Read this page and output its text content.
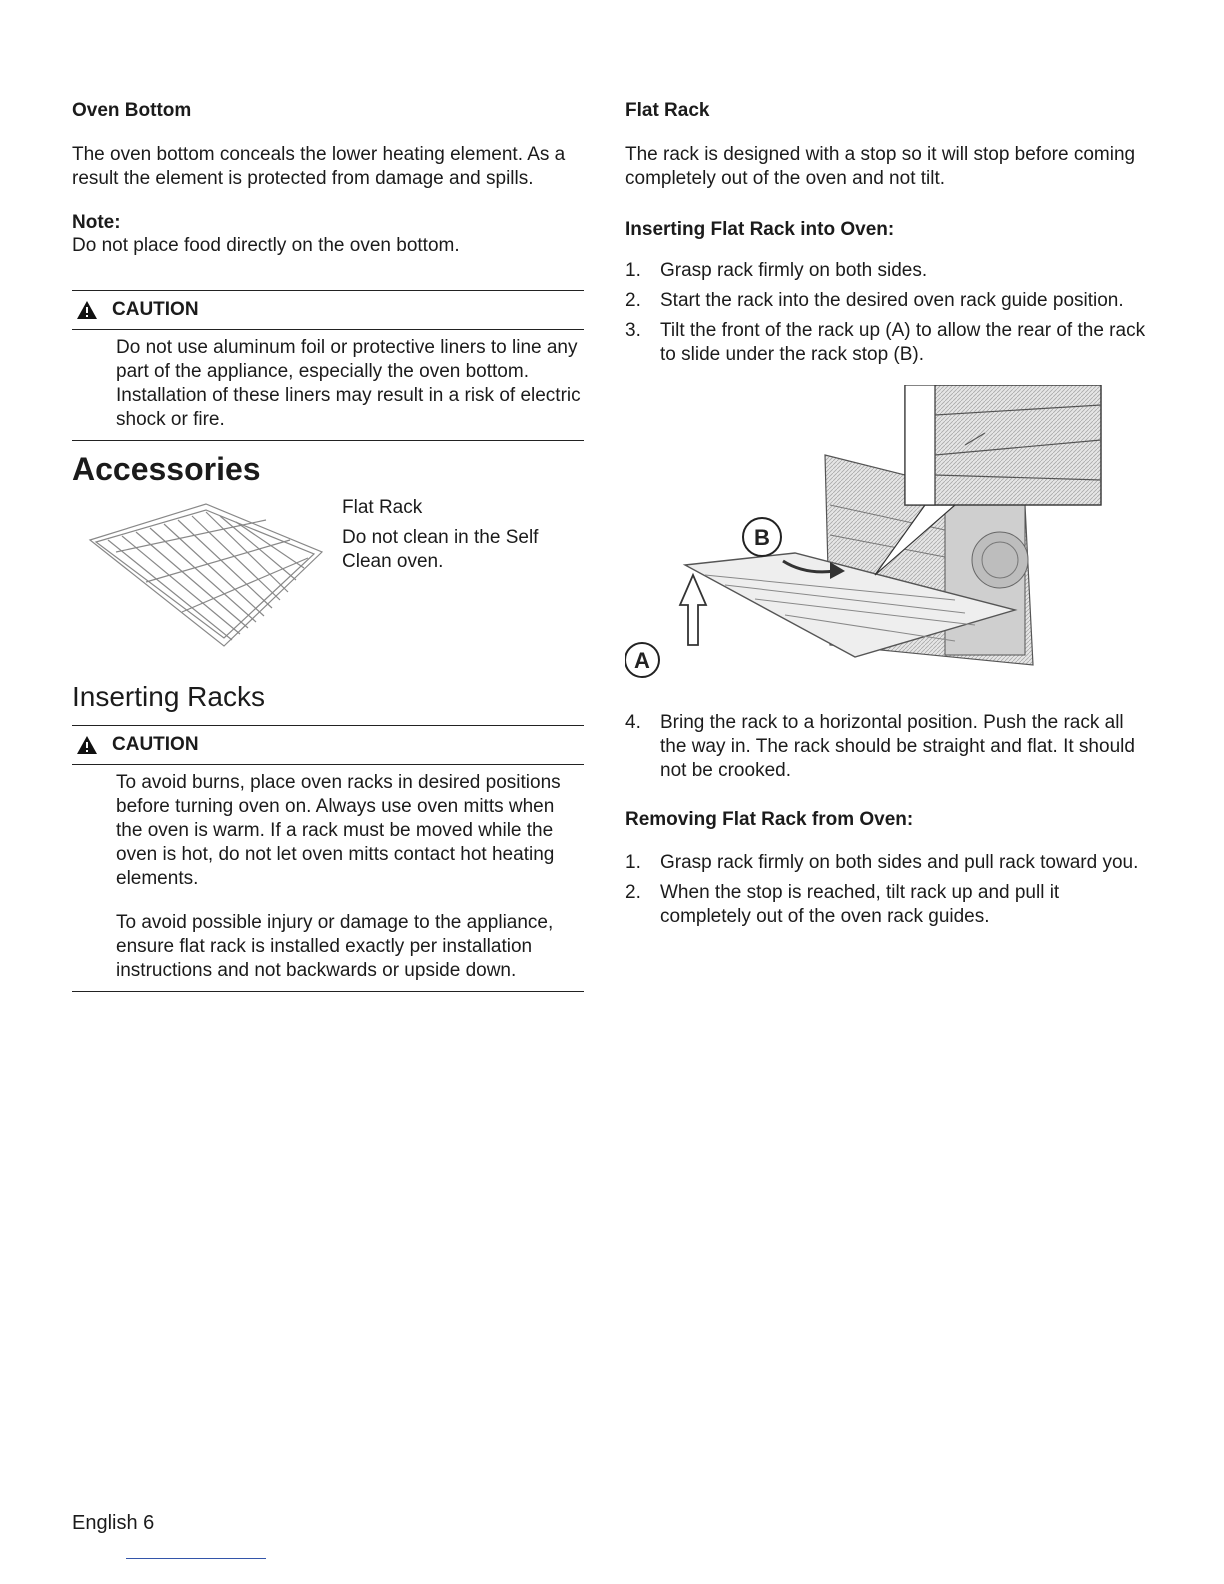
Oven Bottom

The oven bottom conceals the lower heating element. As a result the element is protected from damage and spills.

Note:

Do not place food directly on the oven bottom.

CAUTION
Do not use aluminum foil or protective liners to line any part of the appliance, especially the oven bottom. Installation of these liners may result in a risk of electric shock or fire.
Accessories
Flat Rack
Do not clean in the Self Clean oven.
Inserting Racks
CAUTION
To avoid burns, place oven racks in desired positions before turning oven on. Always use oven mitts when the oven is warm. If a rack must be moved while the oven is hot, do not let oven mitts contact hot heating elements.
To avoid possible injury or damage to the appliance, ensure flat rack is installed exactly per installation instructions and not backwards or upside down.
Flat Rack

The rack is designed with a stop so it will stop before coming completely out of the oven and not tilt.

Inserting Flat Rack into Oven:
1.	Grasp rack firmly on both sides.
2.	Start the rack into the desired oven rack guide position.
3.	Tilt the front of the rack up (A) to allow the rear of the rack to slide under the rack stop (B).
B
A
4.	Bring the rack to a horizontal position. Push the rack all the way in. The rack should be straight and flat. It should not be crooked.
Removing Flat Rack from Oven:
1.	Grasp rack firmly on both sides and pull rack toward you.
2.	When the stop is reached, tilt rack up and pull it completely out of the oven rack guides.
English 6
